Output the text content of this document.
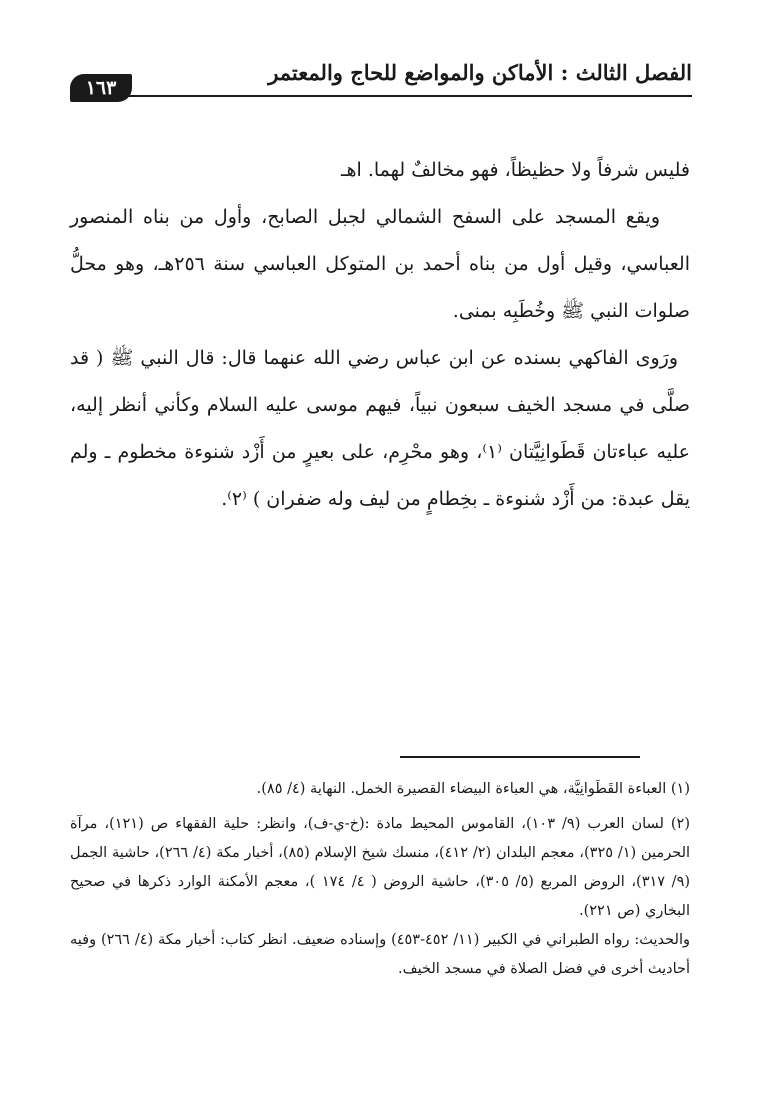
الفصل الثالث : الأماكن والمواضع للحاج والمعتمر
١٦٣

فليس شرفاً ولا حظيظاً، فهو مخالفٌ لهما. اهـ

ويقع المسجد على السفح الشمالي لجبل الصابح، وأول من بناه المنصور العباسي، وقيل أول من بناه أحمد بن المتوكل العباسي سنة ٢٥٦هـ، وهو محلُّ صلوات النبي ﷺ وخُطَبِه بمنى.

ورَوى الفاكهي بسنده عن ابن عباس رضي الله عنهما قال: قال النبي ﷺ ( قد صلَّى في مسجد الخيف سبعون نبياً، فيهم موسى عليه السلام وكأني أنظر إليه، عليه عباءتان قَطَوانِيَّتان ⁽١⁾، وهو محْرِم، على بعيرٍ من أَزْد شنوءة مخطوم ـ ولم يقل عبدة: من أَزْد شنوءة ـ بخِطامٍ من ليف وله ضفران ) ⁽٢⁾.

(١) العباءة القَطَوانِيَّة، هي العباءة البيضاء القصيرة الخمل. النهاية (٤/ ٨٥).

(٢) لسان العرب (٩/ ١٠٣)، القاموس المحيط مادة :(خ-ي-ف)، وانظر: حلية الفقهاء ص (١٢١)، مرآة الحرمين (١/ ٣٢٥)، معجم البلدان (٢/ ٤١٢)، منسك شيخ الإسلام (٨٥)، أخبار مكة (٤/ ٢٦٦)، حاشية الجمل (٩/ ٣١٧)، الروض المربع (٥/ ٣٠٥)، حاشية الروض ( ٤/ ١٧٤ )، معجم الأمكنة الوارد ذكرها في صحيح البخاري (ص ٢٢١).

والحديث: رواه الطبراني في الكبير (١١/ ٤٥٢-٤٥٣) وإسناده ضعيف. انظر كتاب: أخبار مكة (٤/ ٢٦٦) وفيه أحاديث أخرى في فضل الصلاة في مسجد الخيف.
